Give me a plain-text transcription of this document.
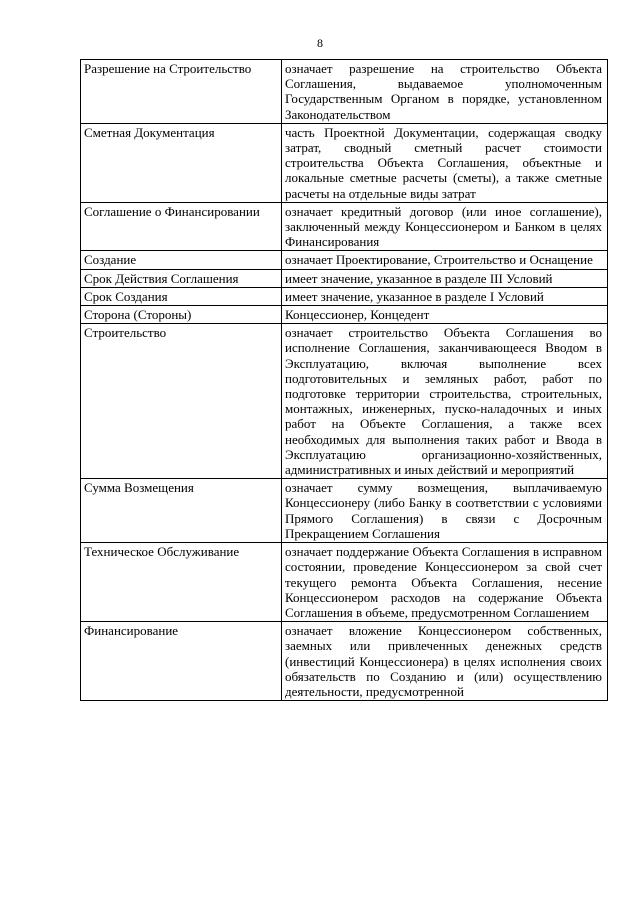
8
Разрешение на Строительство	означает разрешение на строительство Объекта Соглашения, выдаваемое уполномоченным Государственным Органом в порядке, установленном Законодательством
Сметная Документация	часть Проектной Документации, содержащая сводку затрат, сводный сметный расчет стоимости строительства Объекта Соглашения, объектные и локальные сметные расчеты (сметы), а также сметные расчеты на отдельные виды затрат
Соглашение о Финансировании	означает кредитный договор (или иное соглашение), заключенный между Концессионером и Банком в целях Финансирования
Создание	означает Проектирование, Строительство и Оснащение
Срок Действия Соглашения	имеет значение, указанное в разделе III Условий
Срок Создания	имеет значение, указанное в разделе I Условий
Сторона (Стороны)	Концессионер, Концедент
Строительство	означает строительство Объекта Соглашения во исполнение Соглашения, заканчивающееся Вводом в Эксплуатацию, включая выполнение всех подготовительных и земляных работ, работ по подготовке территории строительства, строительных, монтажных, инженерных, пуско-наладочных и иных работ на Объекте Соглашения, а также всех необходимых для выполнения таких работ и Ввода в Эксплуатацию организационно-хозяйственных, административных и иных действий и мероприятий
Сумма Возмещения	означает сумму возмещения, выплачиваемую Концессионеру (либо Банку в соответствии с условиями Прямого Соглашения) в связи с Досрочным Прекращением Соглашения
Техническое Обслуживание	означает поддержание Объекта Соглашения в исправном состоянии, проведение Концессионером за свой счет текущего ремонта Объекта Соглашения, несение Концессионером расходов на содержание Объекта Соглашения в объеме, предусмотренном Соглашением
Финансирование	означает вложение Концессионером собственных, заемных или привлеченных денежных средств (инвестиций Концессионера) в целях исполнения своих обязательств по Созданию и (или) осуществлению деятельности, предусмотренной
